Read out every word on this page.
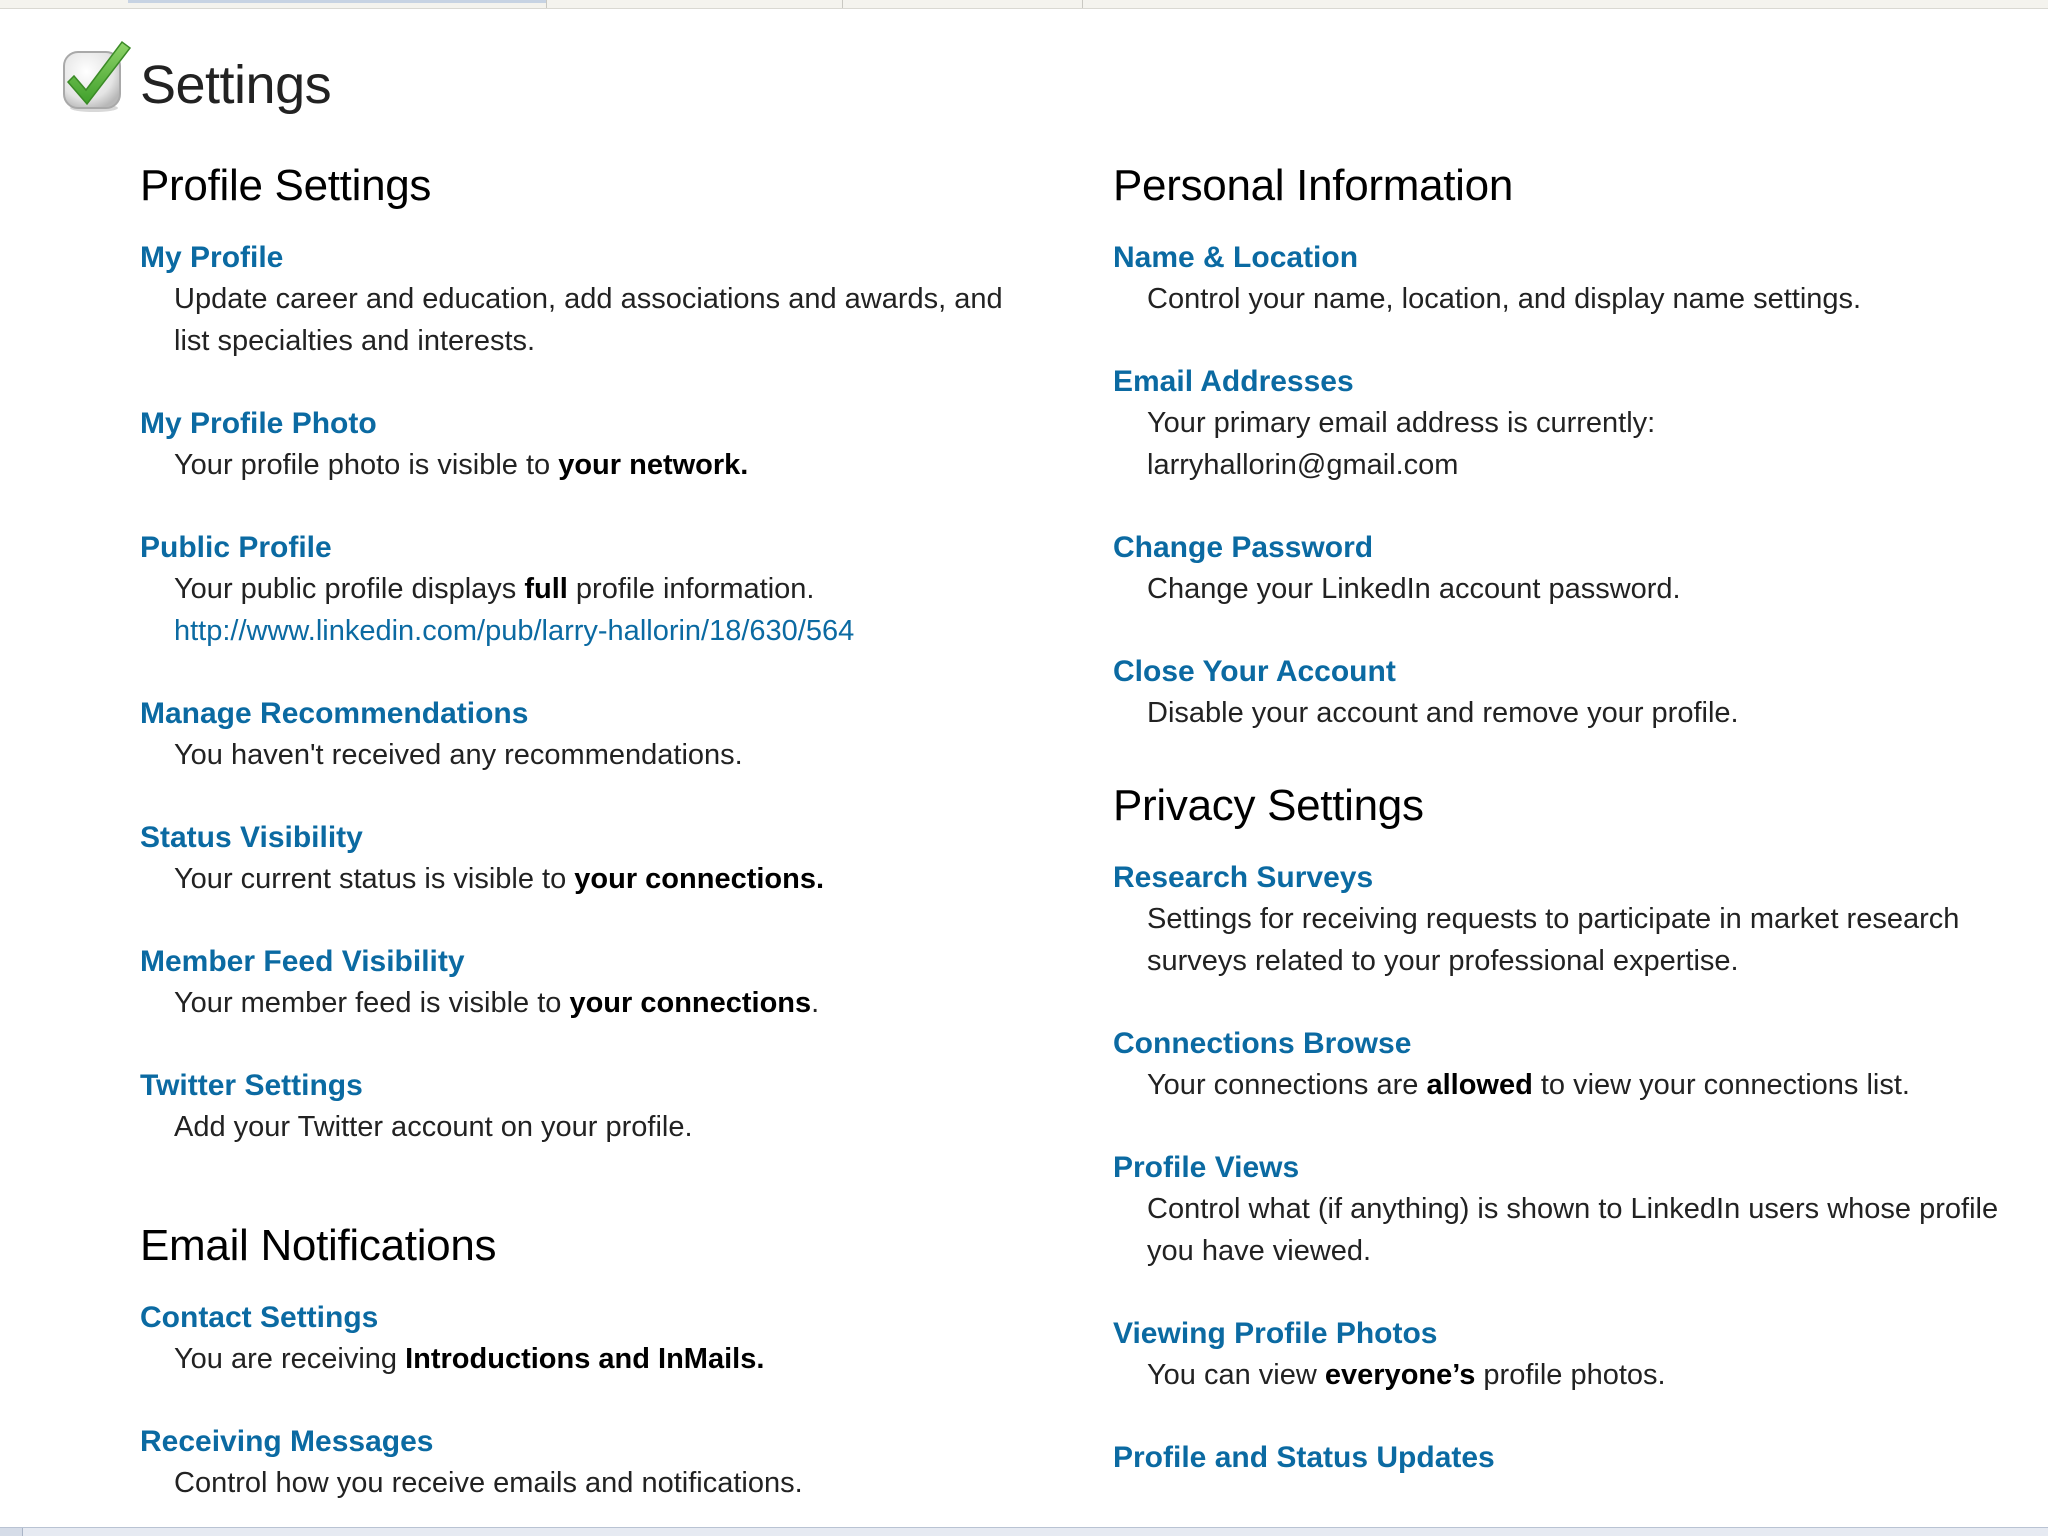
Settings
Profile Settings
My Profile
Update career and education, add associations and awards, and
list specialties and interests.
My Profile Photo
Your profile photo is visible to your network.
Public Profile
Your public profile displays full profile information.
http://www.linkedin.com/pub/larry-hallorin/18/630/564
Manage Recommendations
You haven't received any recommendations.
Status Visibility
Your current status is visible to your connections.
Member Feed Visibility
Your member feed is visible to your connections.
Twitter Settings
Add your Twitter account on your profile.
Email Notifications
Contact Settings
You are receiving Introductions and InMails.
Receiving Messages
Control how you receive emails and notifications.
Personal Information
Name & Location
Control your name, location, and display name settings.
Email Addresses
Your primary email address is currently:
larryhallorin@gmail.com
Change Password
Change your LinkedIn account password.
Close Your Account
Disable your account and remove your profile.
Privacy Settings
Research Surveys
Settings for receiving requests to participate in market research
surveys related to your professional expertise.
Connections Browse
Your connections are allowed to view your connections list.
Profile Views
Control what (if anything) is shown to LinkedIn users whose profile
you have viewed.
Viewing Profile Photos
You can view everyone’s profile photos.
Profile and Status Updates
